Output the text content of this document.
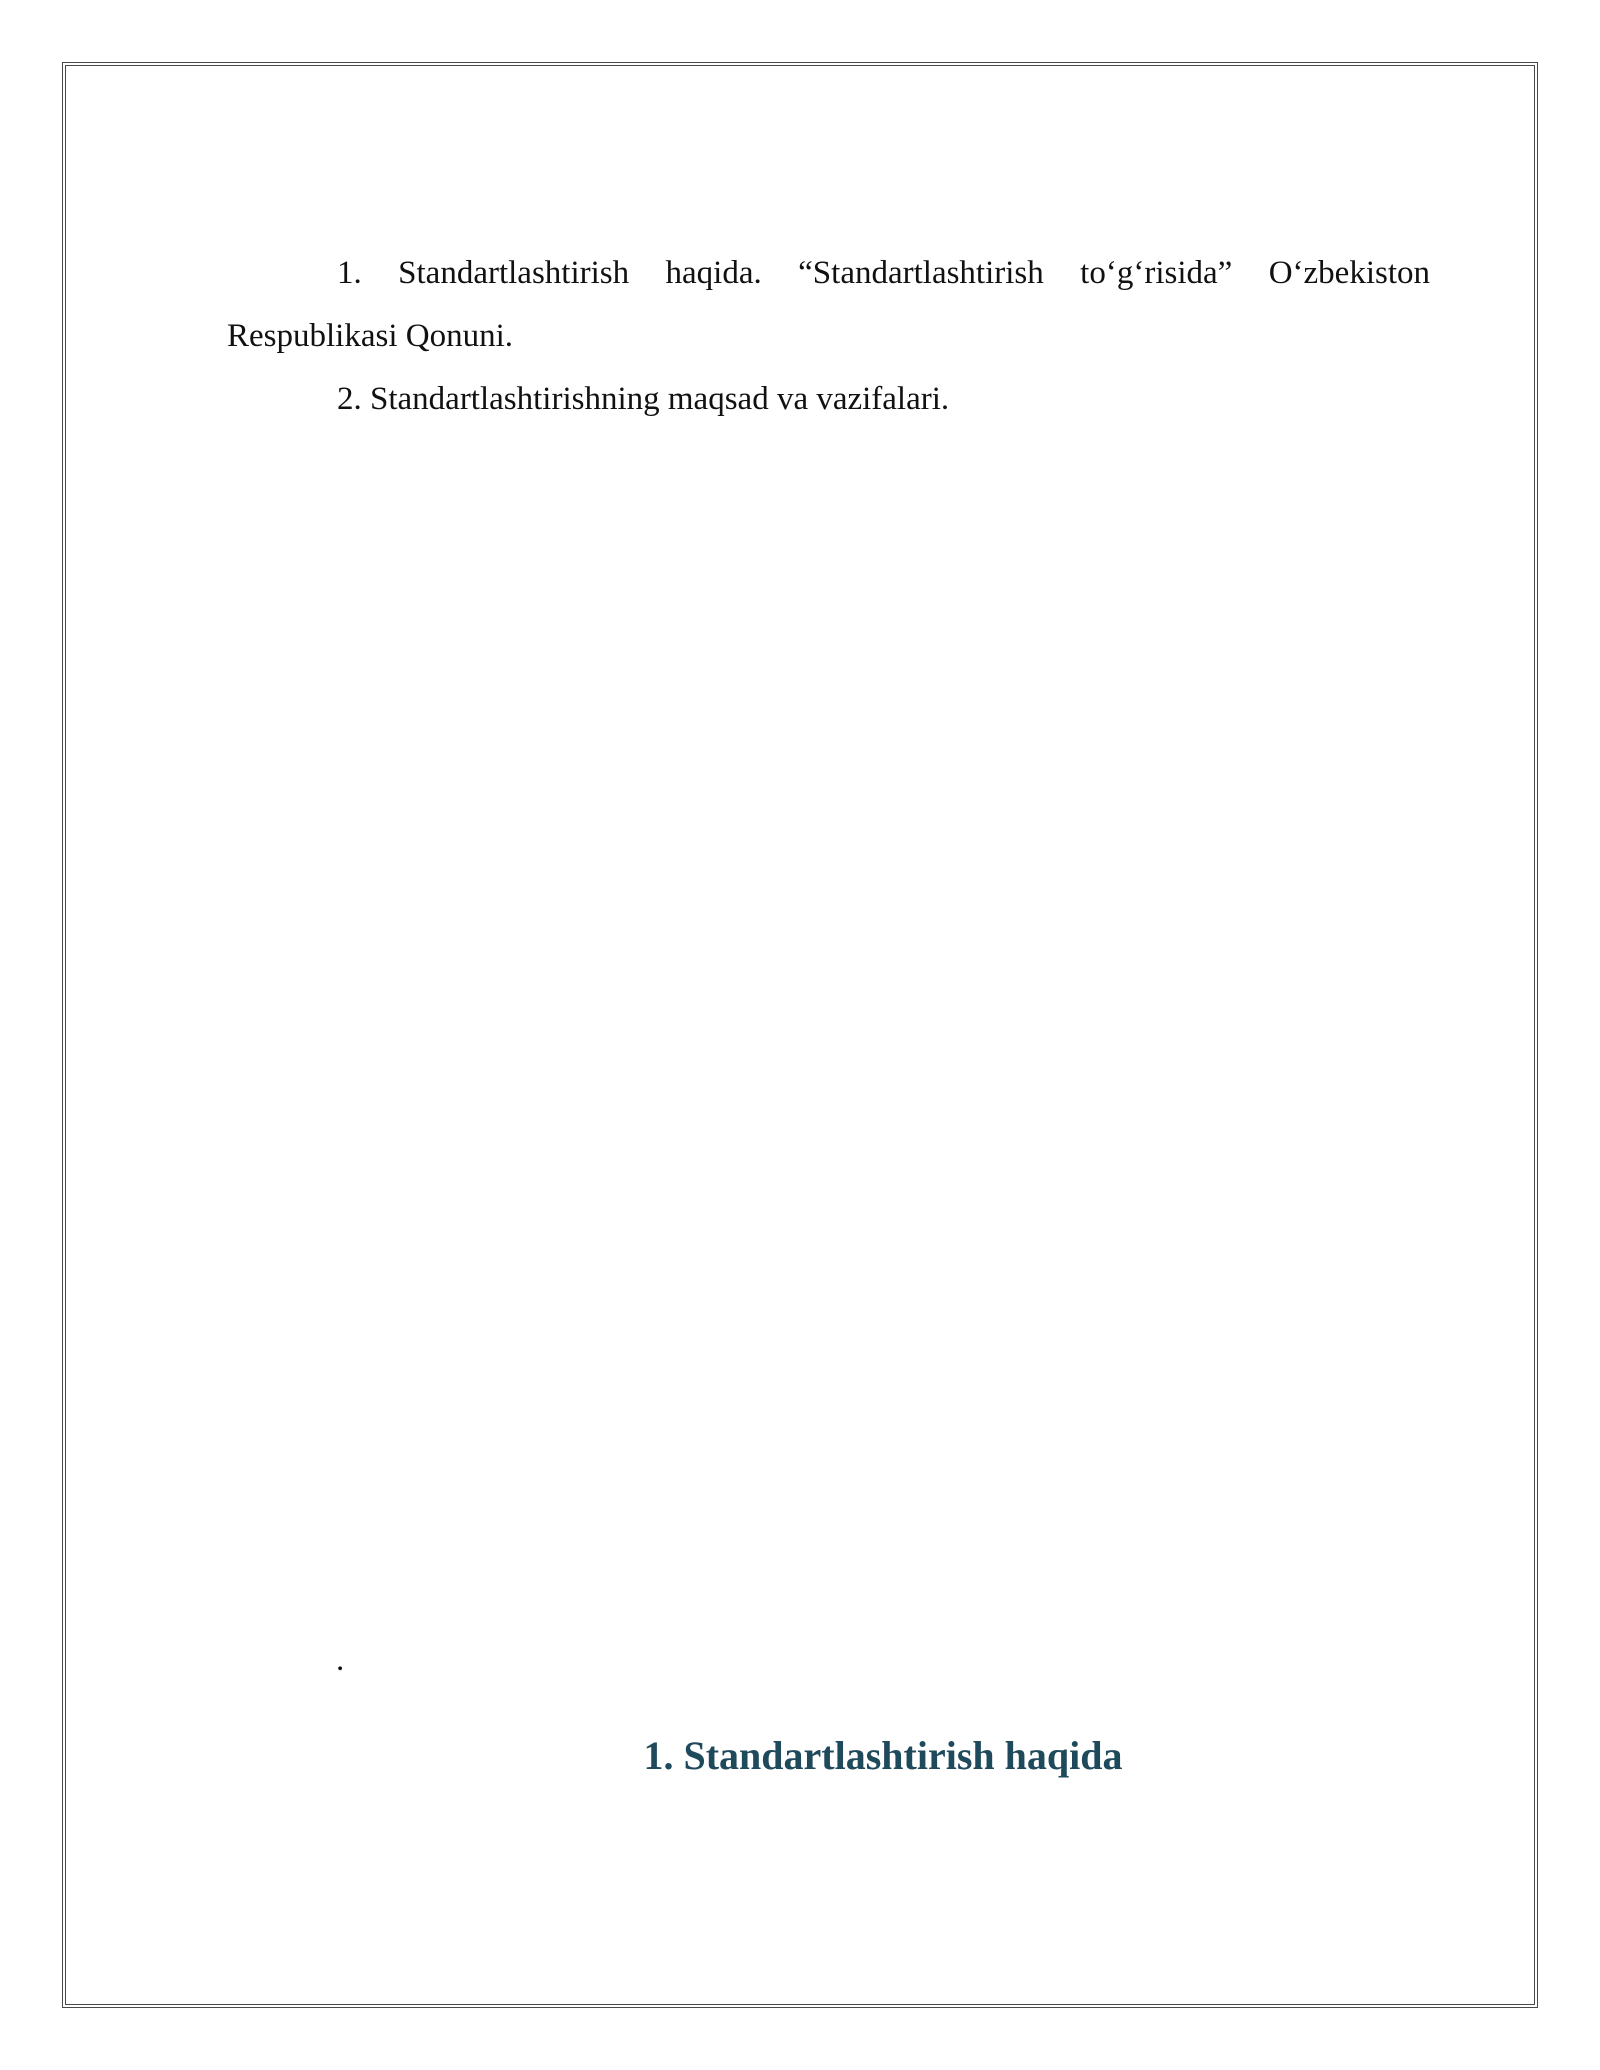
1. Standartlashtirish haqida. “Standartlashtirish to‘g‘risida” O‘zbekiston Respublikasi Qonuni.

2. Standartlashtirishning maqsad va vazifalari.

.
1. Standartlashtirish haqida
